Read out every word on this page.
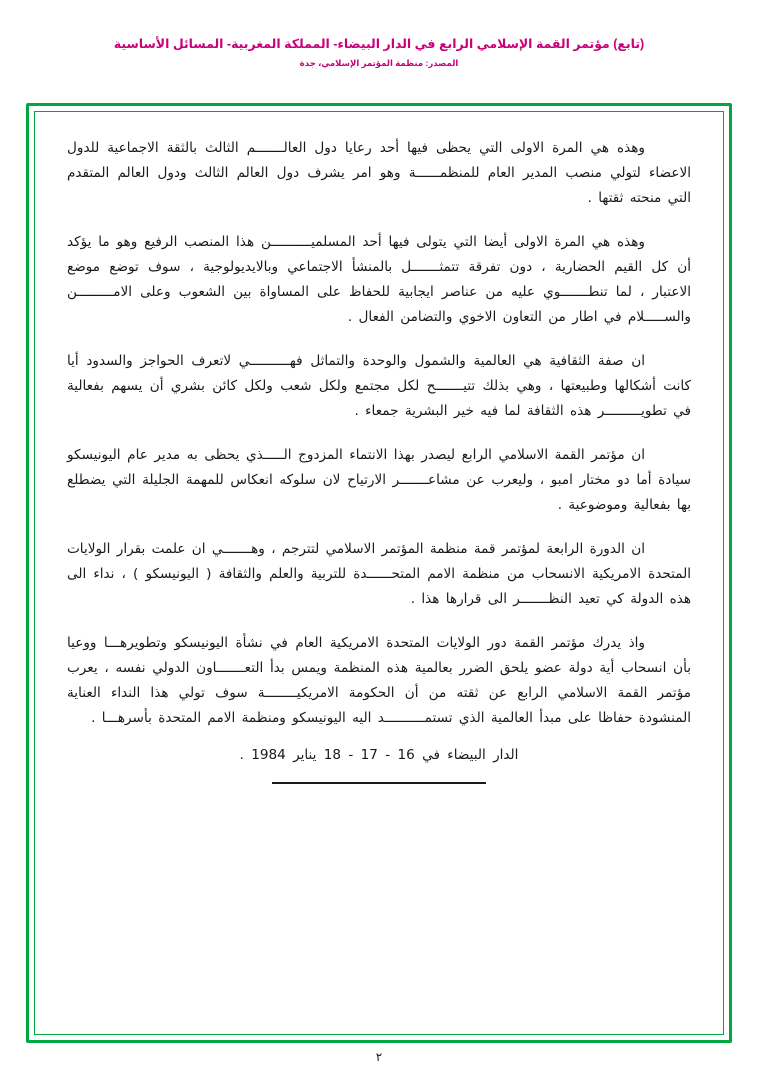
(تابع) مؤتمر القمة الإسلامي الرابع في الدار البيضاء- المملكة المغربية- المسائل الأساسية
المصدر: منظمة المؤتمر الإسلامي، جدة

وهذه هي المرة الاولى التي يحظى فيها أحد رعايا دول العالـــــــم الثالث بالثقة الاجماعية للدول الاعضاء لتولي منصب المدير العام للمنظمــــــة وهو امر يشرف دول العالم الثالث ودول العالم المتقدم التي منحته ثقتها .

وهذه هي المرة الاولى أيضا التي يتولى فيها أحد المسلميــــــــــن هذا المنصب الرفيع وهو ما يؤكد أن كل القيم الحضارية ، دون تفرقة تتمثـــــــل بالمنشأ الاجتماعي وبالايديولوجية ، سوف توضع موضع الاعتبار ، لما تنطـــــــوي عليه من عناصر ايجابية للحفاظ على المساواة بين الشعوب وعلى الامـــــــــن والســـــلام في اطار من التعاون الاخوي والتضامن الفعال .

ان صفة الثقافية هي العالمية والشمول والوحدة والتماثل فهــــــــــي لاتعرف الحواجز والسدود أيا كانت أشكالها وطبيعتها ، وهي بذلك تتيـــــــح لكل مجتمع ولكل شعب ولكل كائن بشري أن يسهم بفعالية في تطويـــــــــر هذه الثقافة لما فيه خير البشرية جمعاء .

ان مؤتمر القمة الاسلامي الرابع ليصدر بهذا الانتماء المزدوج الـــــذي يحظى به مدير عام اليونيسكو سيادة أما دو مختار امبو ، وليعرب عن مشاعـــــــر الارتياح لان سلوكه انعكاس للمهمة الجليلة التي يضطلع بها بفعالية وموضوعية .

ان الدورة الرابعة لمؤتمر قمة منظمة المؤتمر الاسلامي لتترجم ، وهـــــــي ان علمت بقرار الولايات المتحدة الامريكية الانسحاب من منظمة الامم المتحــــــدة للتربية والعلم والثقافة ( اليونيسكو ) ، نداء الى هذه الدولة كي تعيد النظـــــــر الى قرارها هذا .

واذ يدرك مؤتمر القمة دور الولايات المتحدة الامريكية العام في نشأة اليونيسكو وتطويرهـــا ووعيا بأن انسحاب أية دولة عضو يلحق الضرر بعالمية هذه المنظمة ويمس بدأ التعـــــــاون الدولي نفسه ، يعرب مؤتمر القمة الاسلامي الرابع عن ثقته من أن الحكومة الامريكيــــــــة سوف تولي هذا النداء العناية المنشودة حفاظا على مبدأ العالمية الذي تستمــــــــــد اليه اليونيسكو ومنظمة الامم المتحدة بأسرهـــا .

الدار البيضاء في 16 - 17 - 18 يناير 1984 .
٢
